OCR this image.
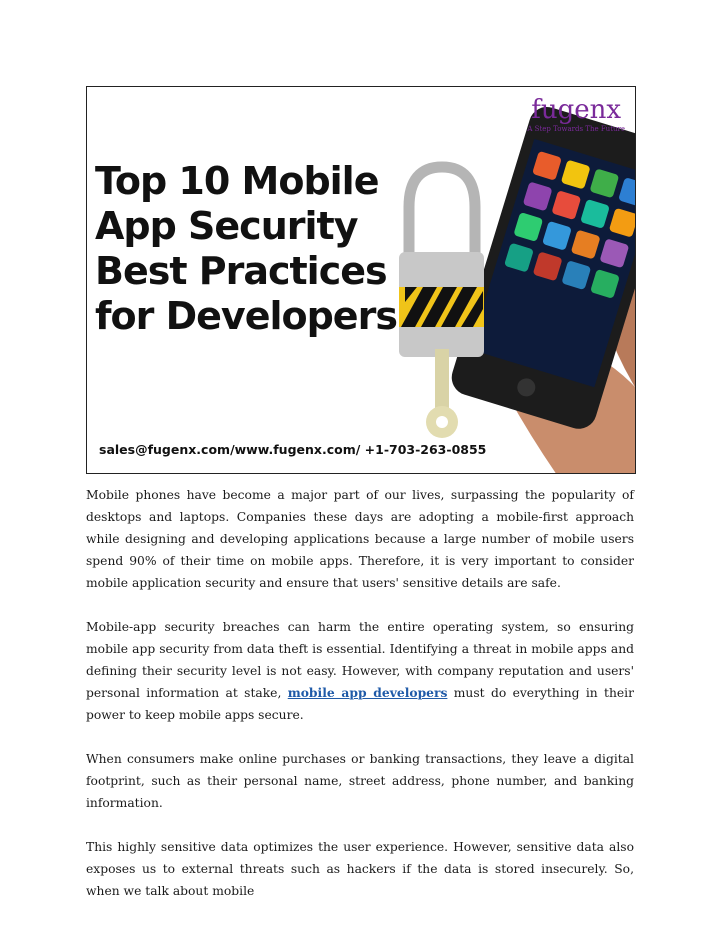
Top 10 Mobile
App Security
Best Practices
for Developers
fugenx
A Step Towards The Future
sales@fugenx.com/www.fugenx.com/ +1-703-263-0855

Mobile phones have become a major part of our lives, surpassing the popularity of desktops and laptops. Companies these days are adopting a mobile-first approach while designing and developing applications because a large number of mobile users spend 90% of their time on mobile apps. Therefore, it is very important to consider mobile application security and ensure that users' sensitive details are safe.

Mobile-app security breaches can harm the entire operating system, so ensuring mobile app security from data theft is essential. Identifying a threat in mobile apps and defining their security level is not easy. However, with company reputation and users' personal information at stake, mobile app developers must do everything in their power to keep mobile apps secure.

When consumers make online purchases or banking transactions, they leave a digital footprint, such as their personal name, street address, phone number, and banking information.

This highly sensitive data optimizes the user experience. However, sensitive data also exposes us to external threats such as hackers if the data is stored insecurely. So, when we talk about mobile
